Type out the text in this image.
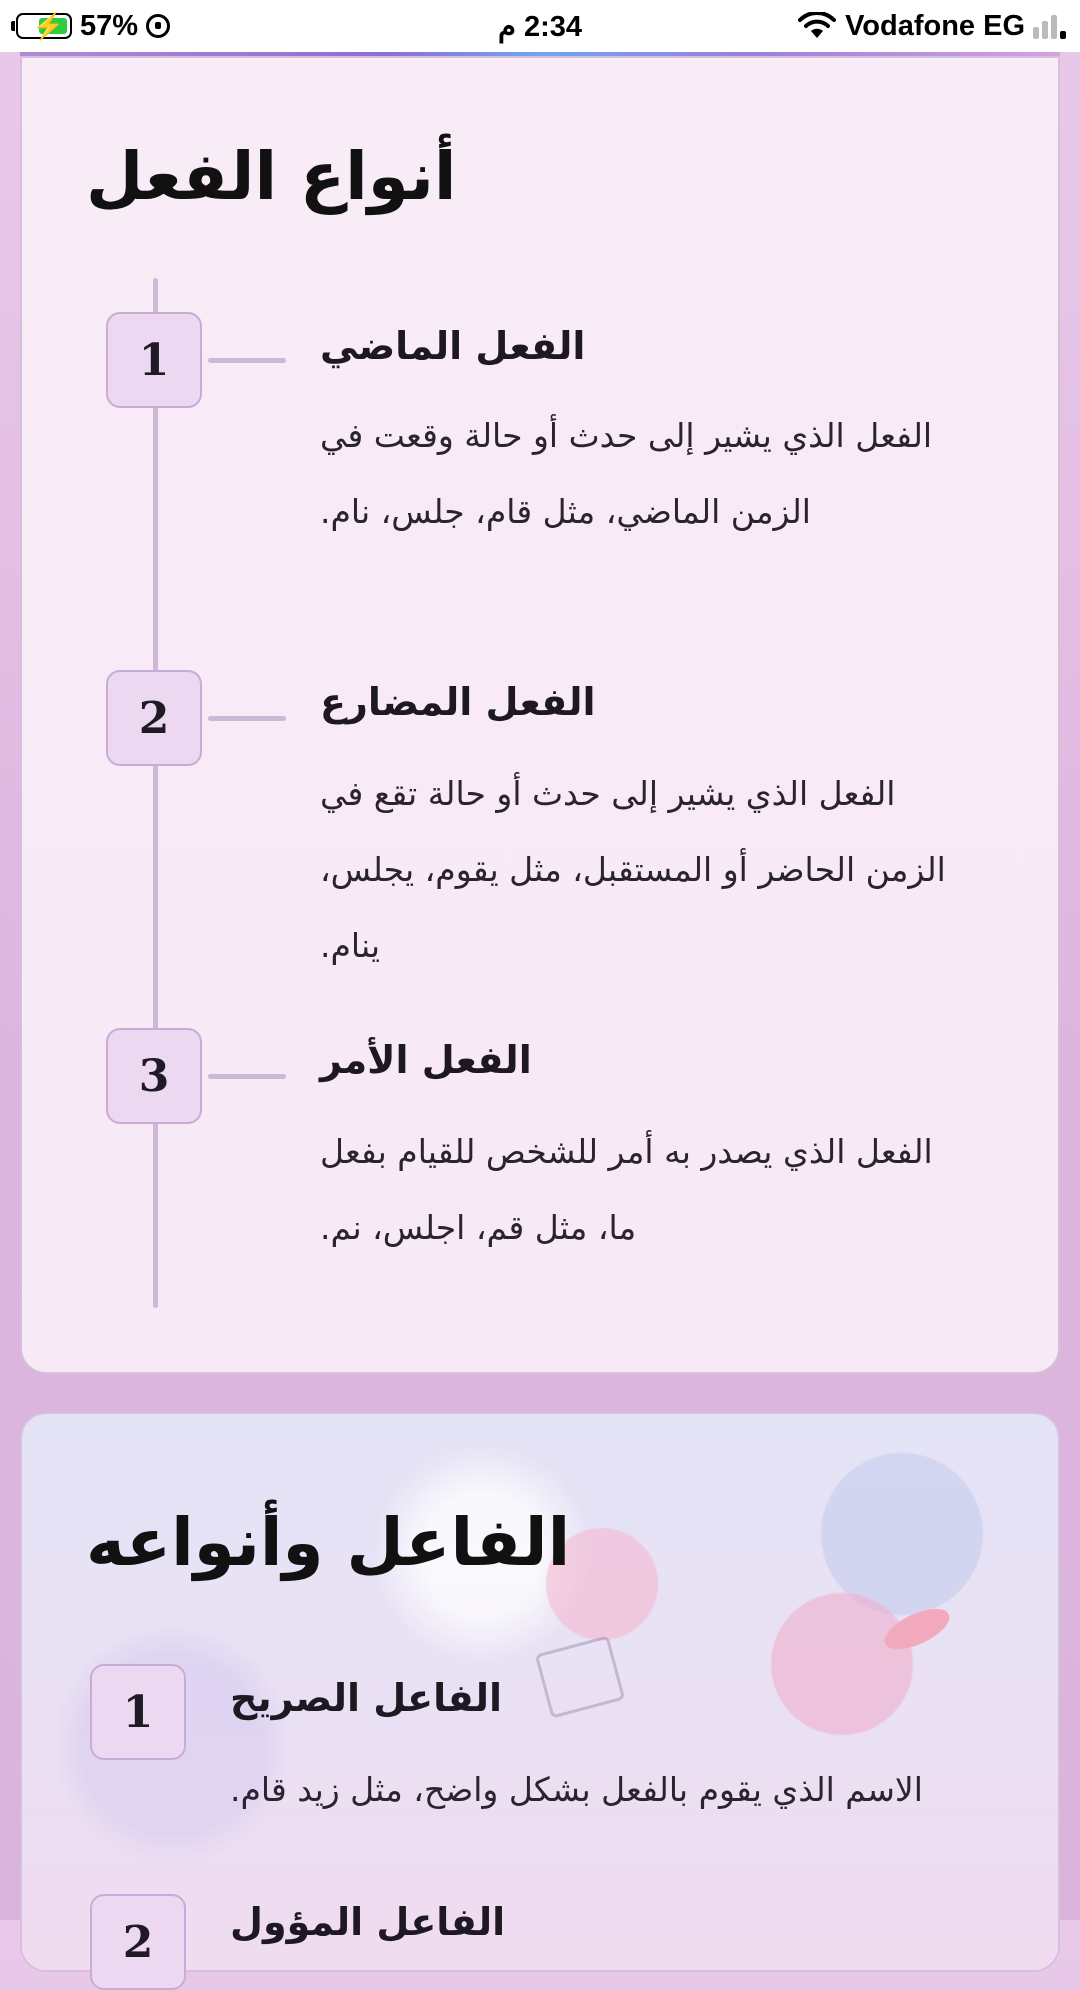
⚡ 57%	2:34 م	Vodafone EG
أنواع الفعل
1	الفعل الماضي
الفعل الذي يشير إلى حدث أو حالة وقعت في الزمن الماضي، مثل قام، جلس، نام.
2	الفعل المضارع
الفعل الذي يشير إلى حدث أو حالة تقع في الزمن الحاضر أو المستقبل، مثل يقوم، يجلس، ينام.
3	الفعل الأمر
الفعل الذي يصدر به أمر للشخص للقيام بفعل ما، مثل قم، اجلس، نم.
الفاعل وأنواعه
1	الفاعل الصريح
الاسم الذي يقوم بالفعل بشكل واضح، مثل زيد قام.
2	الفاعل المؤول
